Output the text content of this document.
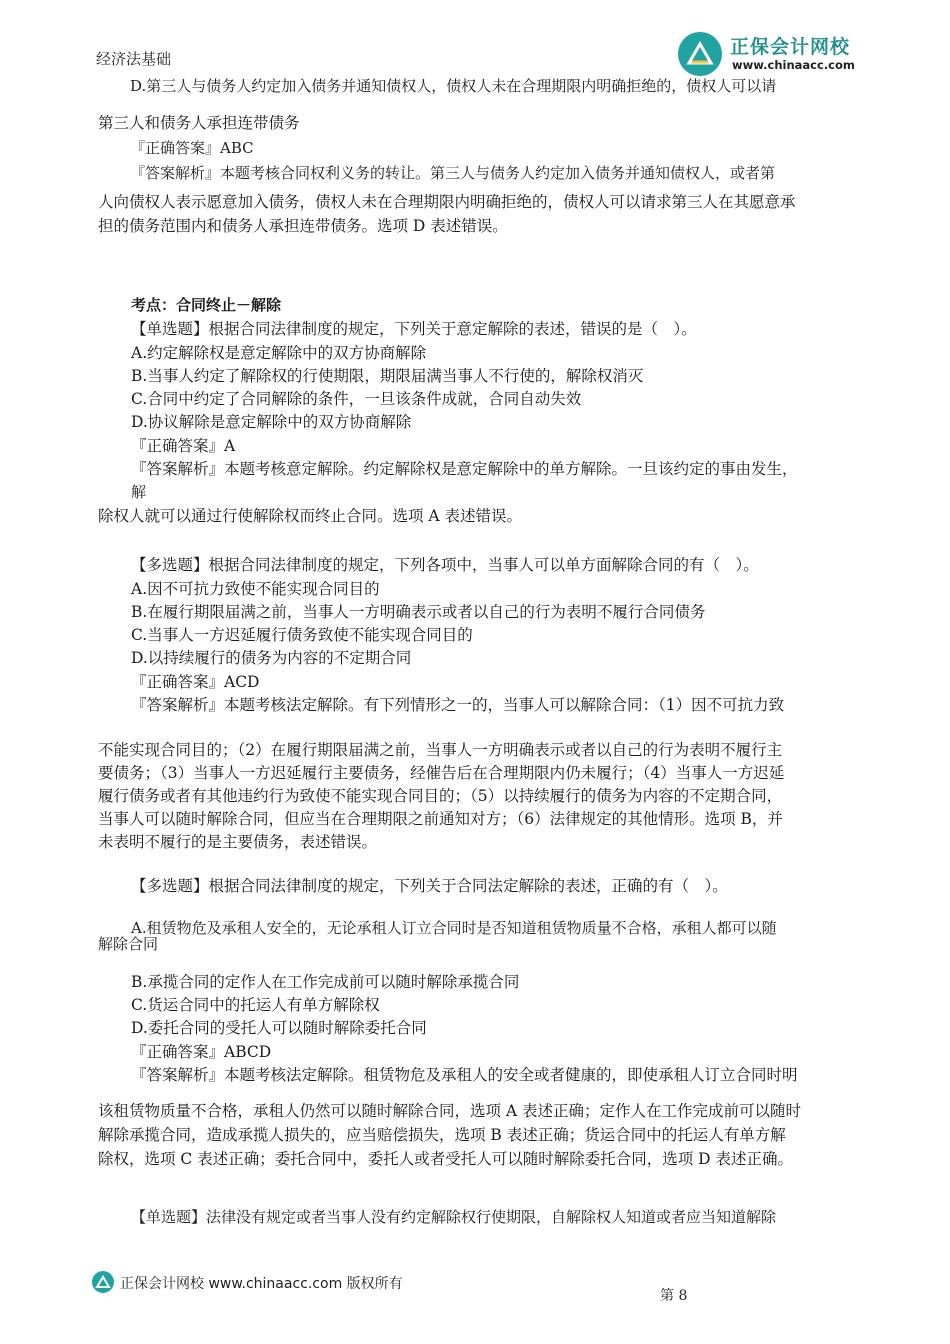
经济法基础
正保会计网校
www.chinaacc.com
D.第三人与债务人约定加入债务并通知债权人，债权人未在合理期限内明确拒绝的，债权人可以请
第三人和债务人承担连带债务
『正确答案』ABC
『答案解析』本题考核合同权利义务的转让。第三人与债务人约定加入债务并通知债权人，或者第
人向债权人表示愿意加入债务，债权人未在合理期限内明确拒绝的，债权人可以请求第三人在其愿意承
担的债务范围内和债务人承担连带债务。选项 D 表述错误。
考点：合同终止－解除
【单选题】根据合同法律制度的规定，下列关于意定解除的表述，错误的是（　）。
A.约定解除权是意定解除中的双方协商解除
B.当事人约定了解除权的行使期限，期限届满当事人不行使的，解除权消灭
C.合同中约定了合同解除的条件，一旦该条件成就，合同自动失效
D.协议解除是意定解除中的双方协商解除
『正确答案』A
『答案解析』本题考核意定解除。约定解除权是意定解除中的单方解除。一旦该约定的事由发生，
解
除权人就可以通过行使解除权而终止合同。选项 A 表述错误。
【多选题】根据合同法律制度的规定，下列各项中，当事人可以单方面解除合同的有（　）。
A.因不可抗力致使不能实现合同目的
B.在履行期限届满之前，当事人一方明确表示或者以自己的行为表明不履行合同债务
C.当事人一方迟延履行债务致使不能实现合同目的
D.以持续履行的债务为内容的不定期合同
『正确答案』ACD
『答案解析』本题考核法定解除。有下列情形之一的，当事人可以解除合同：（1）因不可抗力致
不能实现合同目的；（2）在履行期限届满之前，当事人一方明确表示或者以自己的行为表明不履行主
要债务；（3）当事人一方迟延履行主要债务，经催告后在合理期限内仍未履行；（4）当事人一方迟延
履行债务或者有其他违约行为致使不能实现合同目的；（5）以持续履行的债务为内容的不定期合同，
当事人可以随时解除合同，但应当在合理期限之前通知对方；（6）法律规定的其他情形。选项 B，并
未表明不履行的是主要债务，表述错误。
【多选题】根据合同法律制度的规定，下列关于合同法定解除的表述，正确的有（　）。
A.租赁物危及承租人安全的，无论承租人订立合同时是否知道租赁物质量不合格，承租人都可以随
解除合同
B.承揽合同的定作人在工作完成前可以随时解除承揽合同
C.货运合同中的托运人有单方解除权
D.委托合同的受托人可以随时解除委托合同
『正确答案』ABCD
『答案解析』本题考核法定解除。租赁物危及承租人的安全或者健康的，即使承租人订立合同时明
该租赁物质量不合格，承租人仍然可以随时解除合同，选项 A 表述正确；定作人在工作完成前可以随时
解除承揽合同，造成承揽人损失的，应当赔偿损失，选项 B 表述正确；货运合同中的托运人有单方解
除权，选项 C 表述正确；委托合同中，委托人或者受托人可以随时解除委托合同，选项 D 表述正确。
【单选题】法律没有规定或者当事人没有约定解除权行使期限，自解除权人知道或者应当知道解除
正保会计网校 www.chinaacc.com 版权所有
第 8
